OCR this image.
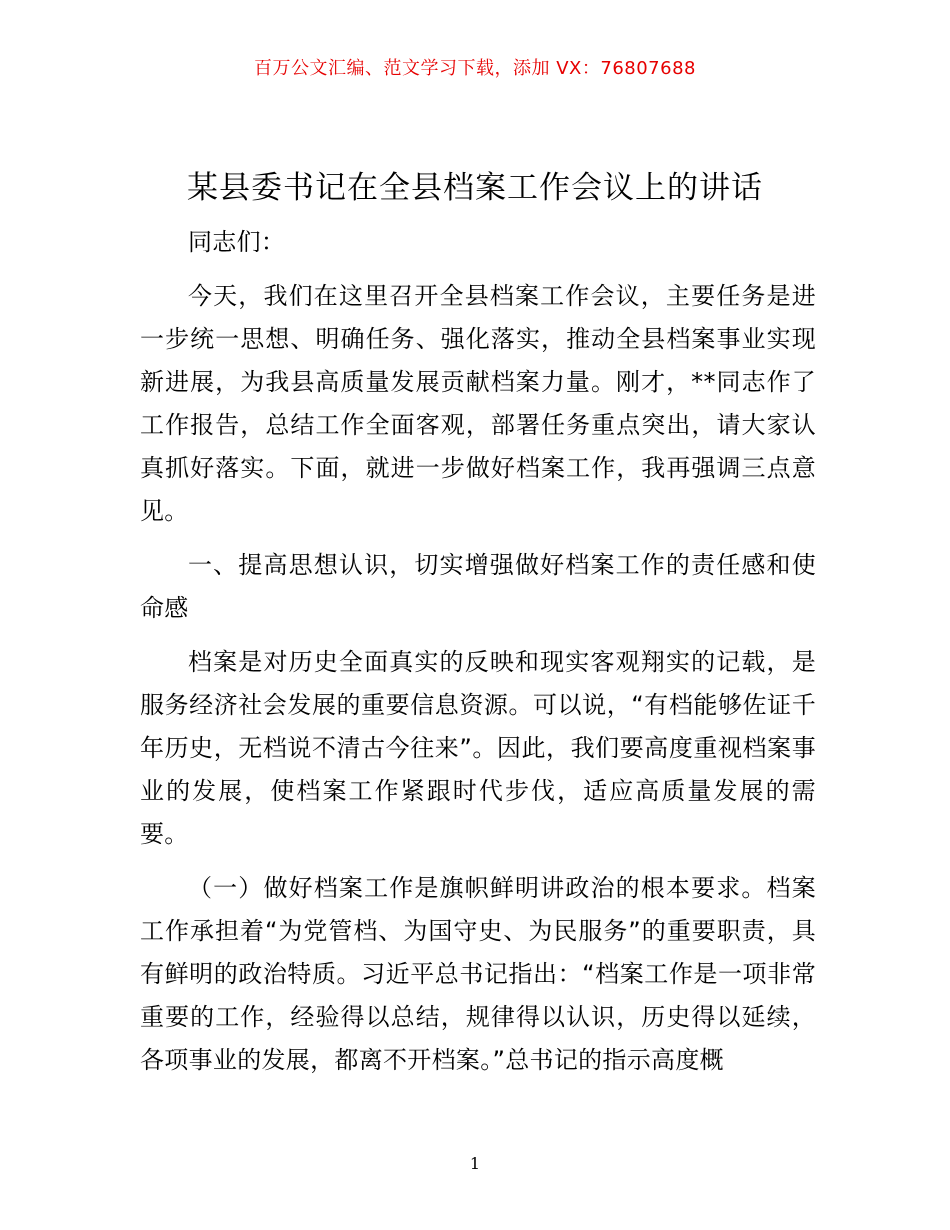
百万公文汇编、范文学习下载，添加 VX：76807688
某县委书记在全县档案工作会议上的讲话

同志们：

今天，我们在这里召开全县档案工作会议，主要任务是进一步统一思想、明确任务、强化落实，推动全县档案事业实现新进展，为我县高质量发展贡献档案力量。刚才，**同志作了工作报告，总结工作全面客观，部署任务重点突出，请大家认真抓好落实。下面，就进一步做好档案工作，我再强调三点意见。

一、提高思想认识，切实增强做好档案工作的责任感和使命感

档案是对历史全面真实的反映和现实客观翔实的记载，是服务经济社会发展的重要信息资源。可以说，“有档能够佐证千年历史，无档说不清古今往来”。因此，我们要高度重视档案事业的发展，使档案工作紧跟时代步伐，适应高质量发展的需要。

（一）做好档案工作是旗帜鲜明讲政治的根本要求。档案工作承担着“为党管档、为国守史、为民服务”的重要职责，具有鲜明的政治特质。习近平总书记指出：“档案工作是一项非常重要的工作，经验得以总结，规律得以认识，历史得以延续，各项事业的发展，都离不开档案。”总书记的指示高度概

1
